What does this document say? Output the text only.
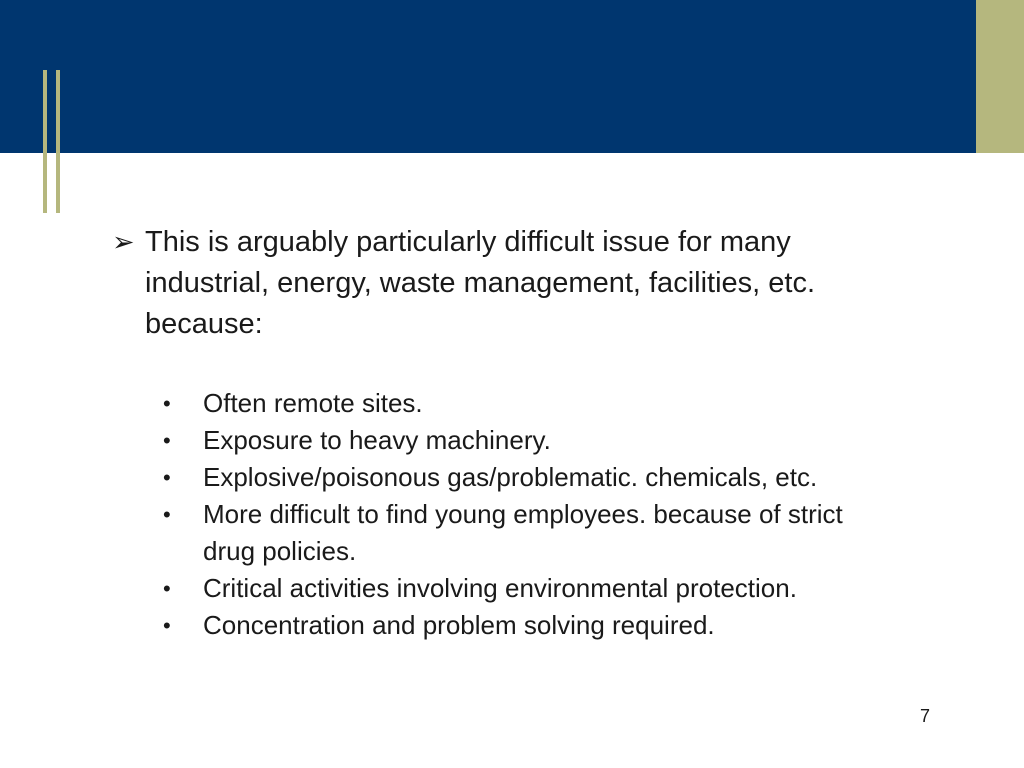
➢ This is arguably particularly difficult issue for many industrial, energy, waste management, facilities, etc. because:
•	Often remote sites.
•	Exposure to heavy machinery.
•	Explosive/poisonous gas/problematic. chemicals, etc.
•	More difficult to find young employees. because of strict drug policies.
•	Critical activities involving environmental protection.
•	Concentration and problem solving required.
7
